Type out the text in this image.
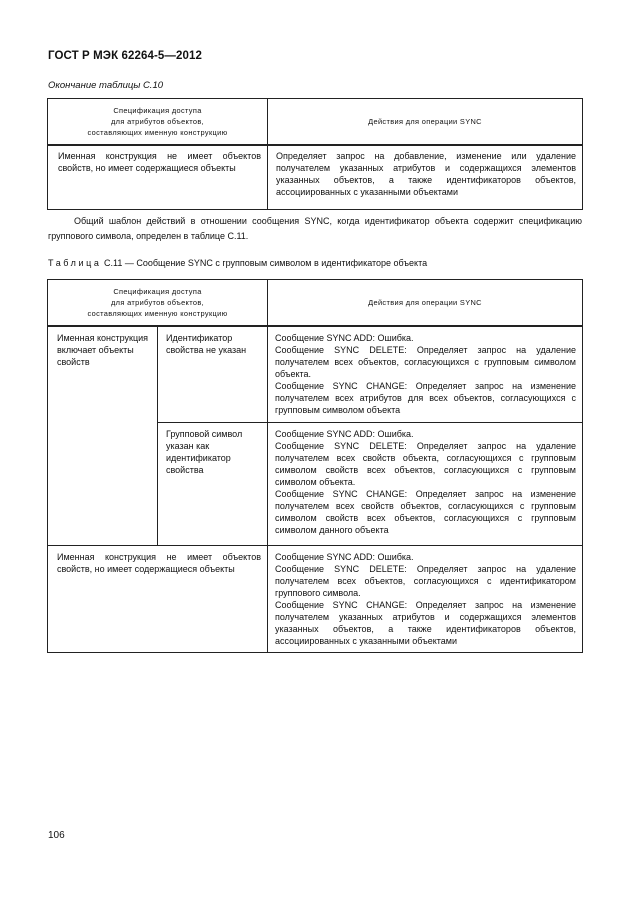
ГОСТ Р МЭК 62264-5—2012
Окончание таблицы С.10
Спецификация доступа
для атрибутов объектов,
составляющих именную конструкцию	Действия для операции SYNC

Именная конструкция не имеет объектов свойств, но имеет содержащиеся объекты	Определяет запрос на добавление, изменение или удаление получателем указанных атрибутов и содержащихся элементов указанных объектов, а также идентификаторов объектов, ассоциированных с указанными объектами
Общий шаблон действий в отношении сообщения SYNC, когда идентификатор объекта содержит спецификацию группового символа, определен в таблице С.11.
Таблица С.11 — Сообщение SYNC с групповым символом в идентификаторе объекта
Спецификация доступа
для атрибутов объектов,
составляющих именную конструкцию		Действия для операции SYNC

Именная конструкция включает объекты свойств	Идентификатор свойства не указан	Сообщение SYNC ADD: Ошибка.
Сообщение SYNC DELETE: Определяет запрос на удаление получателем всех объектов, согласующихся с групповым символом объекта.
Сообщение SYNC CHANGE: Определяет запрос на изменение получателем всех атрибутов для всех объектов, согласующихся с групповым символом объекта

	Групповой символ указан как идентификатор свойства	Сообщение SYNC ADD: Ошибка.
Сообщение SYNC DELETE: Определяет запрос на удаление получателем всех свойств объекта, согласующихся с групповым символом свойств всех объектов, согласующихся с групповым символом объекта.
Сообщение SYNC CHANGE: Определяет запрос на изменение получателем всех свойств объектов, согласующихся с групповым символом свойств всех объектов, согласующихся с групповым символом данного объекта

Именная конструкция не имеет объектов свойств, но имеет содержащиеся объекты		Сообщение SYNC ADD: Ошибка.
Сообщение SYNC DELETE: Определяет запрос на удаление получателем всех объектов, согласующихся с идентификатором группового символа.
Сообщение SYNC CHANGE: Определяет запрос на изменение получателем указанных атрибутов и содержащихся элементов указанных объектов, а также идентификаторов объектов, ассоциированных с указанными объектами
106
